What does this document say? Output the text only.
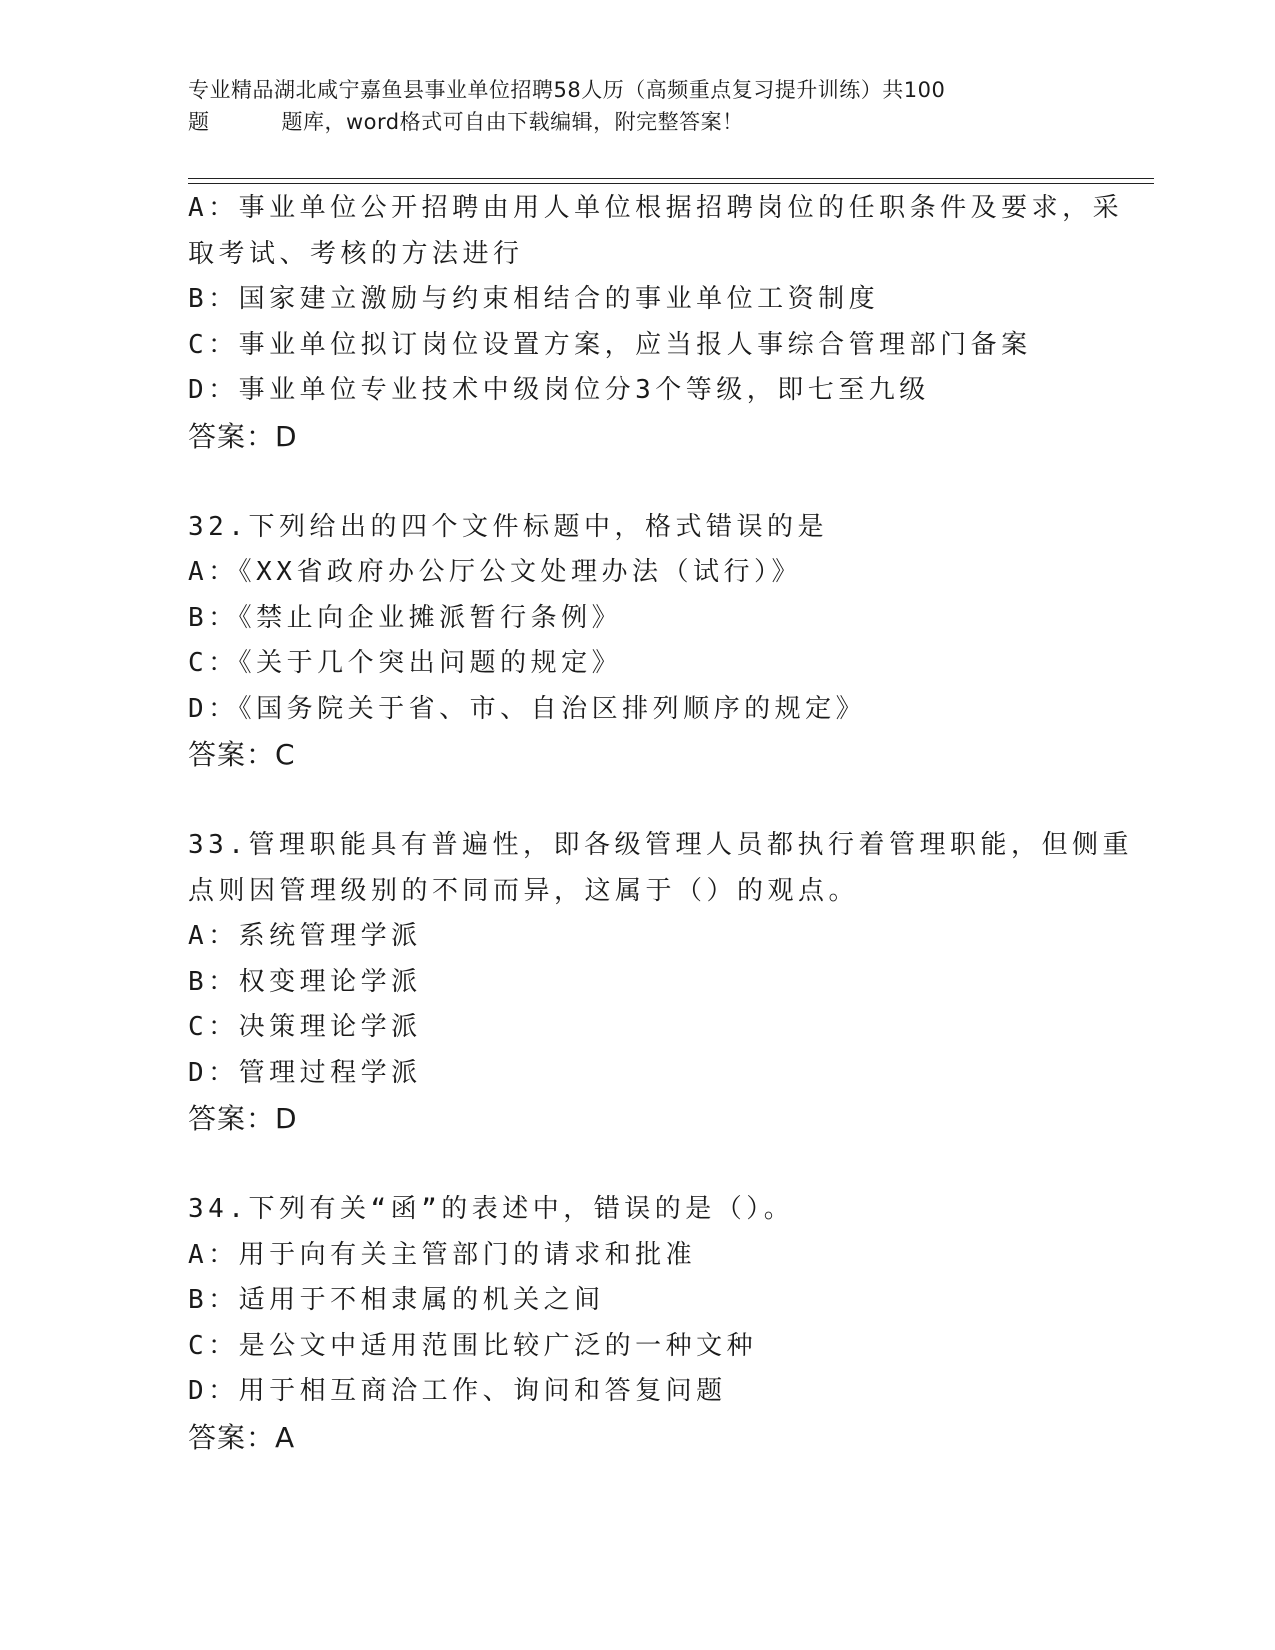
专业精品湖北咸宁嘉鱼县事业单位招聘58人历（高频重点复习提升训练）共100
题	题库，word格式可自由下载编辑，附完整答案！
A：事业单位公开招聘由用人单位根据招聘岗位的任职条件及要求，采
取考试、考核的方法进行
B：国家建立激励与约束相结合的事业单位工资制度
C：事业单位拟订岗位设置方案，应当报人事综合管理部门备案
D：事业单位专业技术中级岗位分3个等级，即七至九级
答案：D
32.下列给出的四个文件标题中，格式错误的是
A：《XX省政府办公厅公文处理办法（试行）》
B：《禁止向企业摊派暂行条例》
C：《关于几个突出问题的规定》
D：《国务院关于省、市、自治区排列顺序的规定》
答案：C
33.管理职能具有普遍性，即各级管理人员都执行着管理职能，但侧重
点则因管理级别的不同而异，这属于（）的观点。
A：系统管理学派
B：权变理论学派
C：决策理论学派
D：管理过程学派
答案：D
34.下列有关“函”的表述中，错误的是（）。
A：用于向有关主管部门的请求和批准
B：适用于不相隶属的机关之间
C：是公文中适用范围比较广泛的一种文种
D：用于相互商洽工作、询问和答复问题
答案：A
